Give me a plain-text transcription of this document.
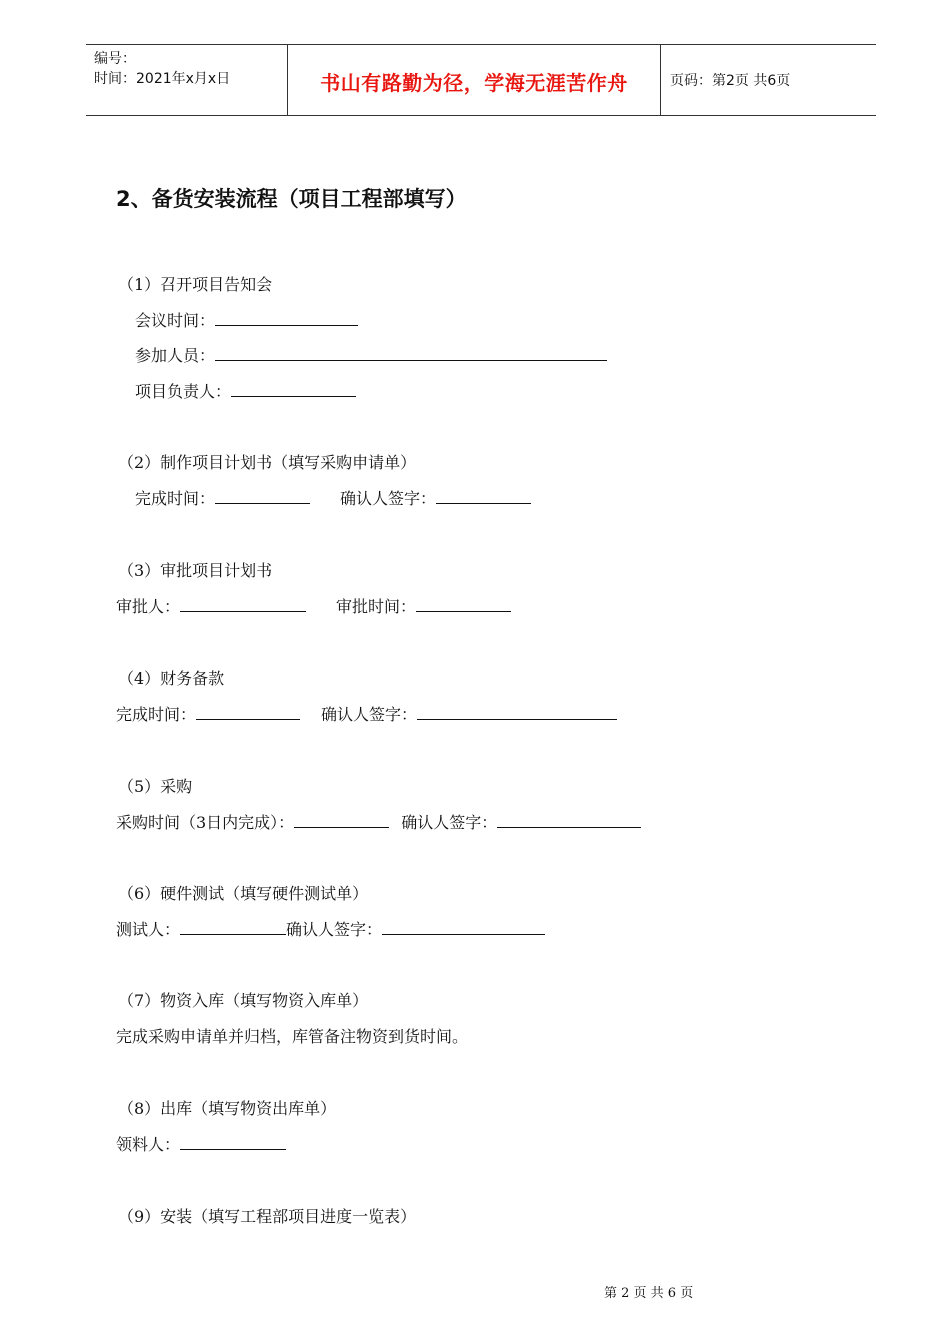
编号：
时间：2021年x月x日	书山有路勤为径，学海无涯苦作舟	页码：第2页 共6页
2、备货安装流程（项目工程部填写）
（1）召开项目告知会
会议时间：
参加人员：
项目负责人：
（2）制作项目计划书（填写采购申请单）
完成时间：	确认人签字：
（3）审批项目计划书
审批人：	审批时间：
（4）财务备款
完成时间：	确认人签字：
（5）采购
采购时间（3日内完成）：	确认人签字：
（6）硬件测试（填写硬件测试单）
测试人：	确认人签字：
（7）物资入库（填写物资入库单）
完成采购申请单并归档，库管备注物资到货时间。
（8）出库（填写物资出库单）
领料人：
（9）安装（填写工程部项目进度一览表）
第 2 页 共 6 页
